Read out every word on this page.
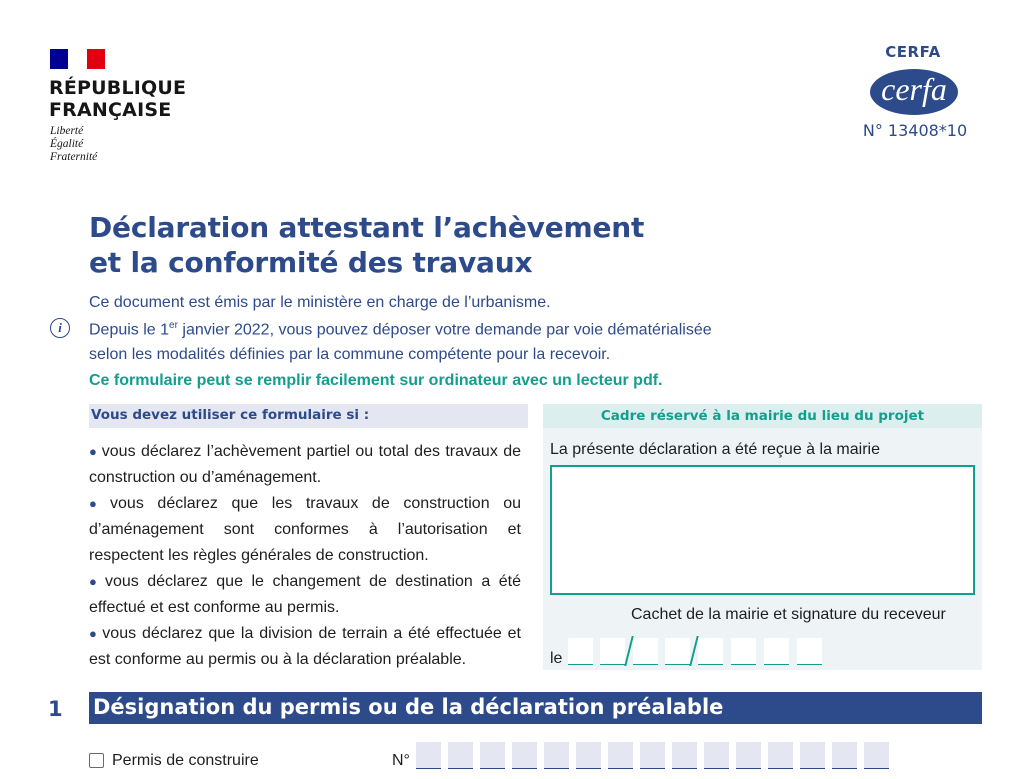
RÉPUBLIQUE
FRANÇAISE
Liberté
Égalité
Fraternité
CERFA
cerfa
N° 13408*10
Déclaration attestant l’achèvement
et la conformité des travaux
i
Ce document est émis par le ministère en charge de l’urbanisme.
Depuis le 1er janvier 2022, vous pouvez déposer votre demande par voie dématérialisée
selon les modalités définies par la commune compétente pour la recevoir.
Ce formulaire peut se remplir facilement sur ordinateur avec un lecteur pdf.
Vous devez utiliser ce formulaire si :

● vous déclarez l’achèvement partiel ou total des travaux de construction ou d’aménagement.

● vous déclarez que les travaux de construction ou d’aménagement sont conformes à l’autorisation et respectent les règles générales de construction.

● vous déclarez que le changement de destination a été effectué et est conforme au permis.

● vous déclarez que la division de terrain a été effectuée et est conforme au permis ou à la déclaration préalable.

Cadre réservé à la mairie du lieu du projet
La présente déclaration a été reçue à la mairie
Cachet de la mairie et signature du receveur
le
1 Désignation du permis ou de la déclaration préalable
Permis de construire	N°
